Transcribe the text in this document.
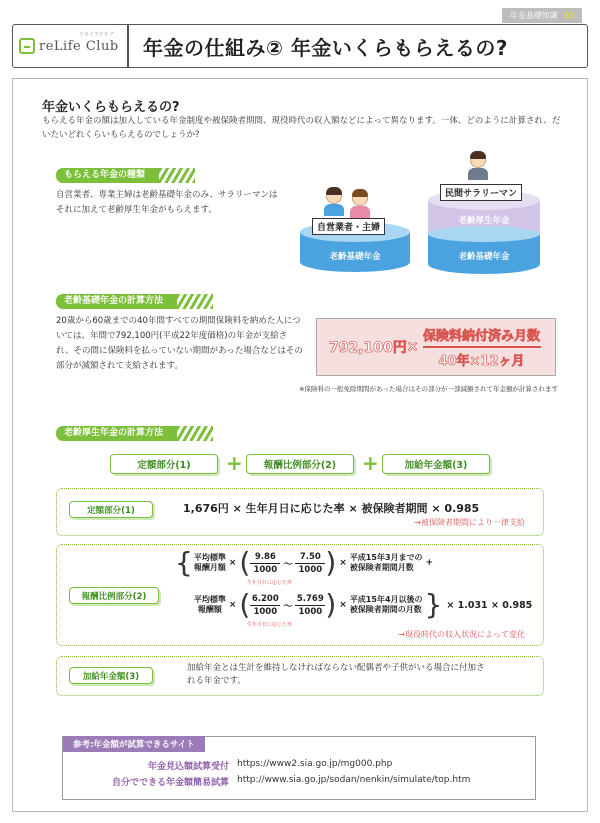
年金基礎知識 02
reLife Club
リライフクラブ
年金の仕組み② 年金いくらもらえるの?
年金いくらもらえるの?

もらえる年金の額は加入している年金制度や被保険者期間、現役時代の収入額などによって異なります。一体、どのように計算され、だいたいどれくらいもらえるのでしょうか?

もらえる年金の種類

自営業者、専業主婦は老齢基礎年金のみ、サラリーマンはそれに加えて老齢厚生年金がもらえます。

老齢基礎年金
自営業者・主婦
老齢厚生年金
老齢基礎年金
民間サラリーマン
老齢基礎年金の計算方法

20歳から60歳までの40年間すべての期間保険料を納めた人については、年間で792,100円(平成22年度価格)の年金が支給され、その間に保険料を払っていない期間があった場合などはその部分が減額されて支給されます。

792,100円 × $\frac{\text{保険料納付済み月数}}{\text{40年×12ヶ月}}$
※保険料の一般免除期間があった場合はその部分が一部減額されて年金額が計算されます
老齢厚生年金の計算方法
定額部分(1)	+	報酬比例部分(2)	+	加給年金額(3)
定額部分(1)	1,676円 × 生年月日に応じた率 × 被保険者期間 × 0.985
→被保険者期間により一律支給
報酬比例部分(2)
{ 平均標準
報酬月額 × ( 9.86
1000 〜
7.50
1000 ) ×
平成15年3月までの
被保険者期間月数	+
生年月日に応じた率
平均標準
報酬額 × ( 6.200
1000 〜
5.769
1000 ) ×
平成15年4月以後の
被保険者期間の月数 } × 1.031 × 0.985
生年月日に応じた率
→現役時代の収入状況によって変化
加給年金額(3)
加給年金とは生計を維持しなければならない配偶者や子供がいる場合に付加される年金です。
参考:年金額が試算できるサイト
年金見込額試算受付 https://www2.sia.go.jp/mg000.php
自分でできる年金額簡易試算 http://www.sia.go.jp/sodan/nenkin/simulate/top.htm
